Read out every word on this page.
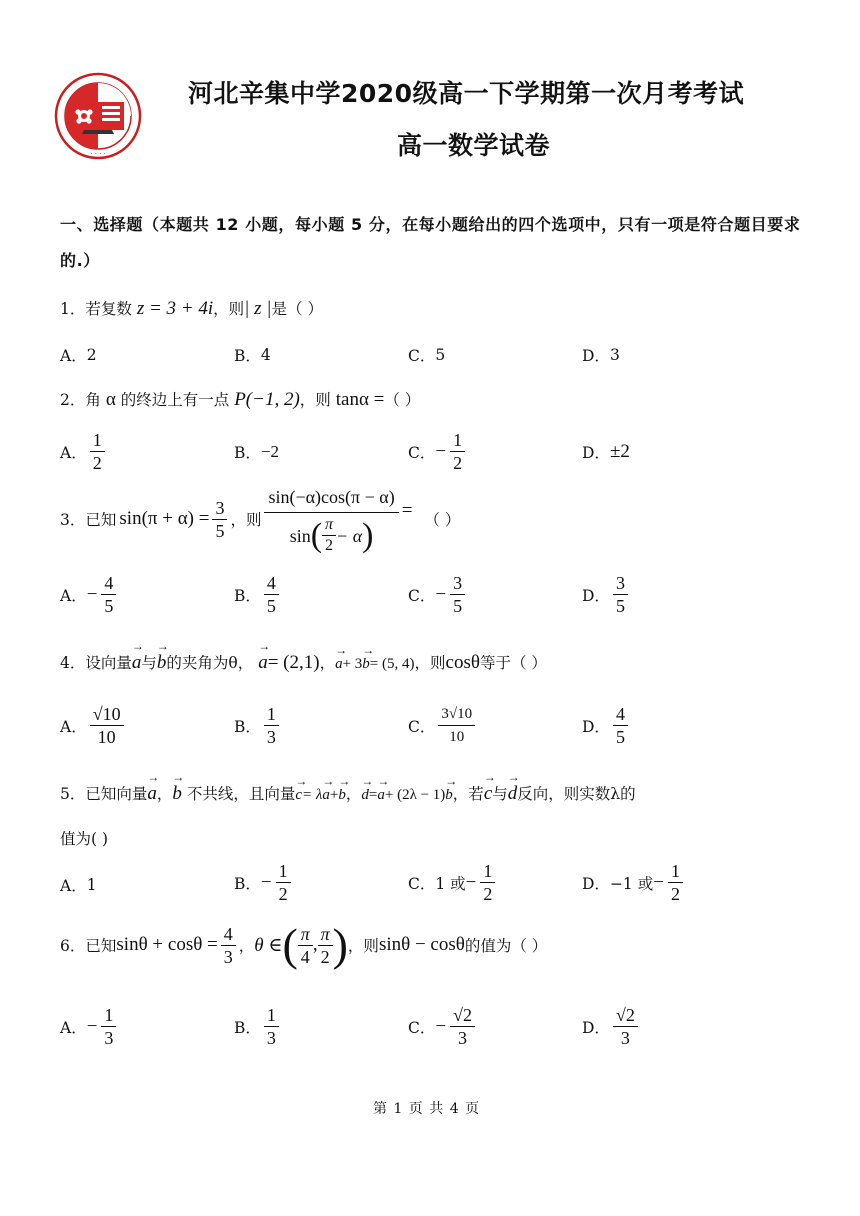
· · · ·
河北辛集中学2020级高一下学期第一次月考考试
高一数学试卷
一、选择题（本题共 12 小题，每小题 5 分，在每小题给出的四个选项中，只有一项是符合题目要求的.）
1．若复数 z = 3 + 4i，则| z |是（ ）
A． 2	B． 4	C． 5	D． 3
2．角 α 的终边上有一点 P(−1, 2)，则 tanα =（ ）
A． $\frac{1}{2}$	B． −2	C． − $\frac{1}{2}$	D． ±2
3． 已知 $\sin(\pi + \alpha) = \frac{3}{5}$ ，则 $\frac{\sin(-\alpha)\cos(\pi - \alpha)}{\sin ( \frac{\pi}{2} - \alpha )}$ = （ ）
A． − $\frac{4}{5}$	B． $\frac{4}{5}$	C． − $\frac{3}{5}$	D． $\frac{3}{5}$
4．设向量→ a与→ b的夹角为θ， → a= (2,1)，→ a+ 3→ b= (5, 4)，则cosθ等于（ ）
A． $\frac{√10}{10}$	B． $\frac{1}{3}$	C． $\frac{3√10}{10}$	D． $\frac{4}{5}$
5．已知向量→ a，→ b 不共线，且向量→ c= λ→ a+→ b，→ d=→ a+ (2λ − 1)→ b，若→ c与→ d反向，则实数λ的
值为( )
A． 1	B． − $\frac{1}{2}$	C． 1 或 − $\frac{1}{2}$	D． −1 或 − $\frac{1}{2}$
6． 已知 $\sin\theta + \cos\theta = \frac{4}{3}$ ， θ ∈ ( $\frac{\pi}{4}$ , $\frac{\pi}{2}$ ) ，则 sinθ − cosθ 的值为（ ）
A． − $\frac{1}{3}$	B． $\frac{1}{3}$	C． − $\frac{√2}{3}$	D． $\frac{√2}{3}$
第 1 页 共 4 页
